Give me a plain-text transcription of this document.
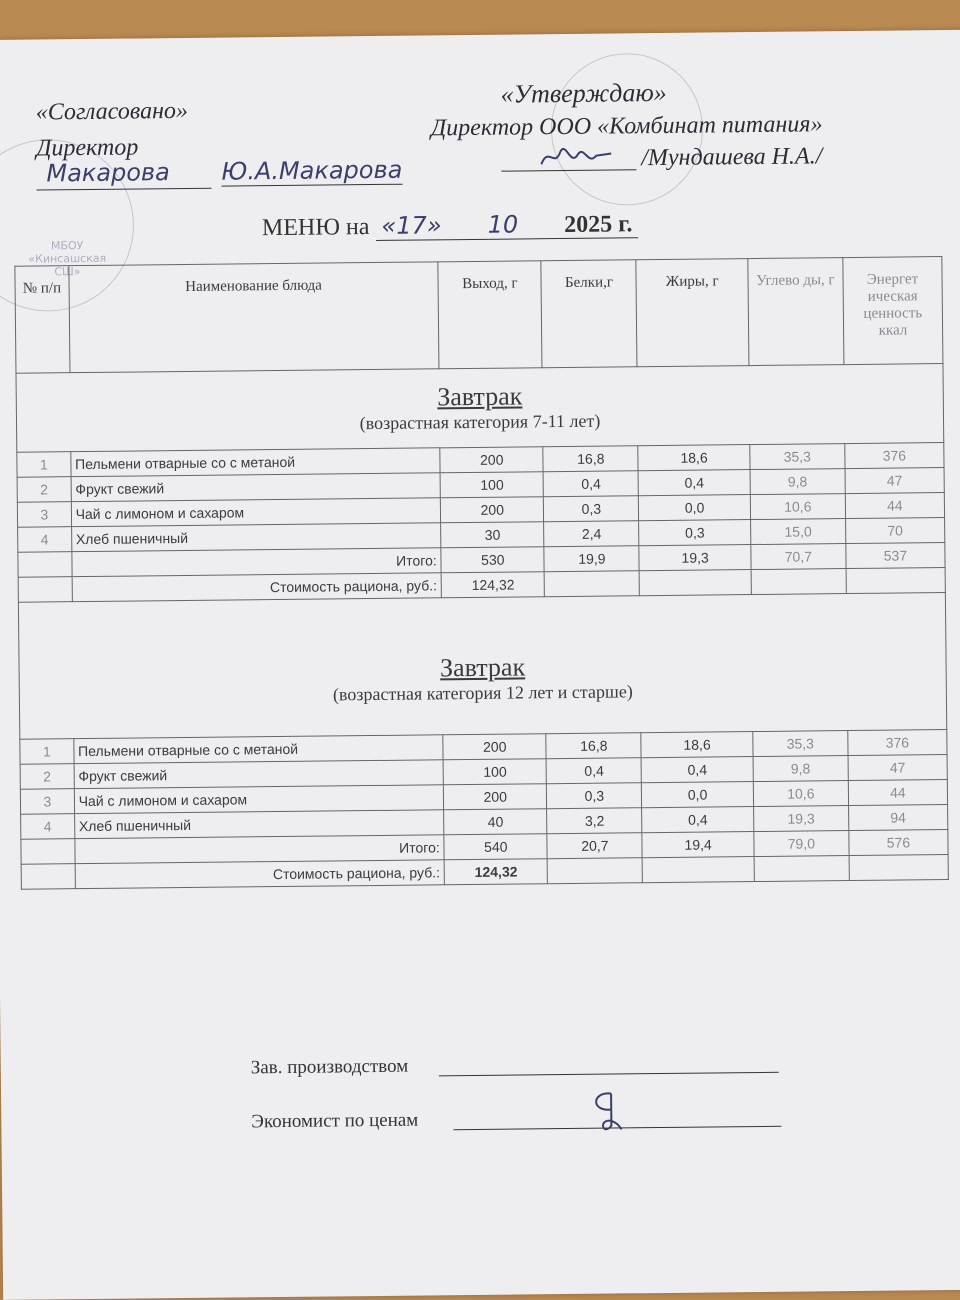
МБОУ
«Кинсашская СШ»
«Согласовано»
Директор
Макарова Ю.А.Макарова
«Утверждаю»
Директор ООО «Комбинат питания»
/Мундашева Н.А./
МЕНЮ на «17» 10 2025 г.
№ п/п	Наименование блюда	Выход, г	Белки,г	Жиры, г	Углево ды, г	Энергет ическая ценность ккал

Завтрак
(возрастная категория 7-11 лет)						

1	Пельмени отварные со с метаной	200	16,8	18,6	35,3	376
2	Фрукт свежий	100	0,4	0,4	9,8	47
3	Чай с лимоном и сахаром	200	0,3	0,0	10,6	44
4	Хлеб пшеничный	30	2,4	0,3	15,0	70
	Итого:	530	19,9	19,3	70,7	537
	Стоимость рациона, руб.:	124,32				

Завтрак
(возрастная категория 12 лет и старше)						

1	Пельмени отварные со с метаной	200	16,8	18,6	35,3	376
2	Фрукт свежий	100	0,4	0,4	9,8	47
3	Чай с лимоном и сахаром	200	0,3	0,0	10,6	44
4	Хлеб пшеничный	40	3,2	0,4	19,3	94
	Итого:	540	20,7	19,4	79,0	576
	Стоимость рациона, руб.:	124,32				
Зав. производством
Экономист по ценам
